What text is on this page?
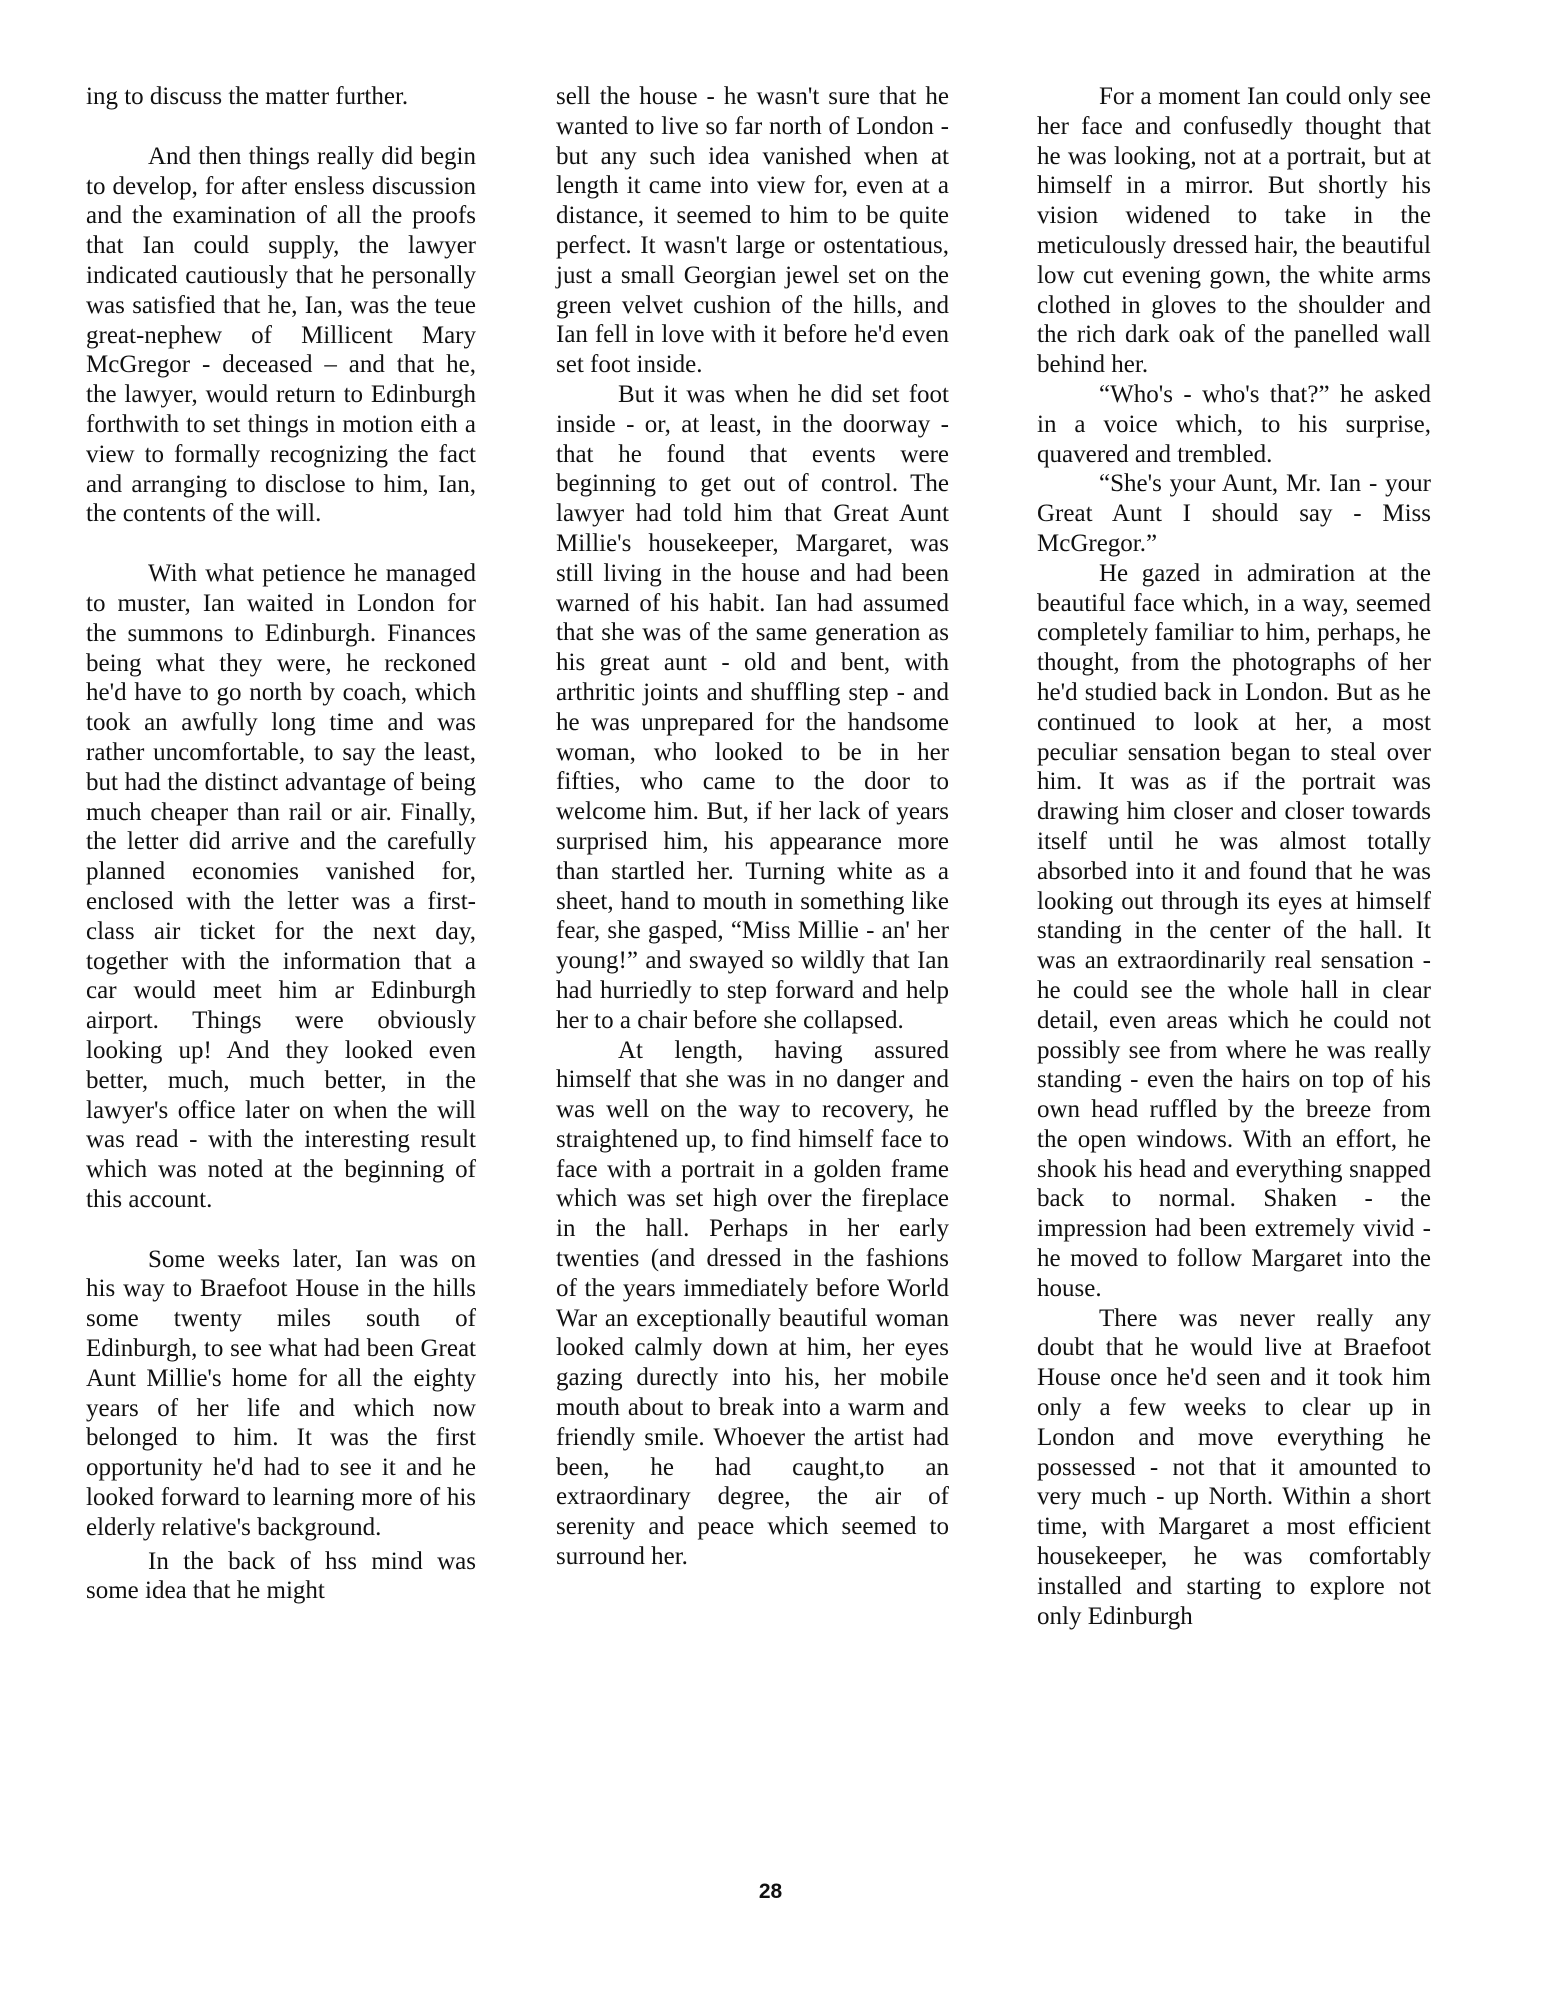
ing to discuss the matter further.

And then things really did begin to develop, for after ensless discussion and the examination of all the proofs that Ian could supply, the lawyer indicated cautiously that he personally was satisfied that he, Ian, was the teue great-nephew of Millicent Mary McGregor - deceased – and that he, the lawyer, would return to Edinburgh forthwith to set things in motion eith a view to formally recognizing the fact and arranging to disclose to him, Ian, the contents of the will.

With what petience he managed to muster, Ian waited in London for the summons to Edinburgh. Finances being what they were, he reckoned he'd have to go north by coach, which took an awfully long time and was rather uncomfortable, to say the least, but had the distinct advantage of being much cheaper than rail or air. Finally, the letter did arrive and the carefully planned economies vanished for, enclosed with the letter was a first-class air ticket for the next day, together with the information that a car would meet him ar Edinburgh airport. Things were obviously looking up! And they looked even better, much, much better, in the lawyer's office later on when the will was read - with the interesting result which was noted at the beginning of this account.

Some weeks later, Ian was on his way to Braefoot House in the hills sоme twenty miles south of Edinburgh, to see what had been Great Aunt Millie's home for all the eighty years of her life and which now belonged to him. It was the first opportunity he'd had to see it and he looked forward to learning more of his elderly relative's background.

In the back of hss mind was some idea that he might

sell the house - he wasn't sure that he wanted to live so far north of London - but any such idea vanished when at length it came into view for, even at a distance, it seemed to him to be quite perfect. It wasn't large or ostentatious, just a small Georgian jewel set on the green velvet cushion of the hills, and Ian fell in love with it before he'd even set foot inside.

But it was when he did set foot inside - or, at least, in the doorway - that he found that events were beginning to get out of control. The lawyer had told him that Great Aunt Millie's housekeeper, Margaret, was still living in the house and had been warned of his habit. Ian had assumed that she was of the same generation as his great aunt - old and bent, with arthritic joints and shuffling step - and he was unprepared for the handsome woman, who looked to be in her fifties, who came to the door to welcome him. But, if her lack of years surprised him, his appearance more than startled her. Turning white as a sheet, hand to mouth in something like fear, she gasped, “Miss Millie - an' her young!” and swayed so wildly that Ian had hurriedly to step forward and help her to a chair before she collapsed.

At length, having assured himself that she was in no danger and was well on the way to recovery, he straightened up, to find himself face to face with a portrait in a golden frame which was set high over the fireplace in the hall. Perhaps in her early twenties (and dressed in the fashions of the years immediately before World War an exceptionally beautiful woman looked calmly down at him, her eyes gazing durectly into his, her mobile mouth about to break into a warm and friendly smile. Whoever the artist had been, he had caught,to an extraordinary degree, the air of serenity and peace which seemed to surround her.

For a moment Ian could only see her face and confusedly thought that he was looking, not at a portrait, but at himself in a mirror. But shortly his vision widened to take in the meticulously dressed hair, the beautiful low cut evening gown, the white arms clothed in gloves to the shoulder and the rich dark oak of the panelled wall behind her.

“Who's - who's that?” he asked in a voice which, to his surprise, quavered and trembled.

“She's your Aunt, Mr. Ian - your Great Aunt I should say - Miss McGregor.”

He gazed in admiration at the beautiful face which, in a way, seemed completely familiar to him, perhaps, he thought, from the photographs of her he'd studied back in London. But as he continued to look at her, a most peculiar sensation began to steal over him. It was as if the portrait was drawing him closer and closer towards itself until he was almost totally absorbed into it and found that he was looking out through its eyes at himself standing in the center of the hall. It was an extraordinarily real sensation - he could see the whole hall in clear detail, even areas which he could not possibly see from where he was really standing - even the hairs on top of his own head ruffled by the breeze from the open windows. With an effort, he shook his head and everything snapped back to normal. Shaken - the impression had been extremely vivid - he moved to follow Margaret into the house.

There was never really any doubt that he would live at Braefoot House once he'd seen and it took him only a few weeks to clear up in London and move everything he possessed - not that it amounted to very much - up North. Within a short time, with Margaret a most efficient housekeeper, he was comfortably installed and starting to explore not only Edinburgh

28
